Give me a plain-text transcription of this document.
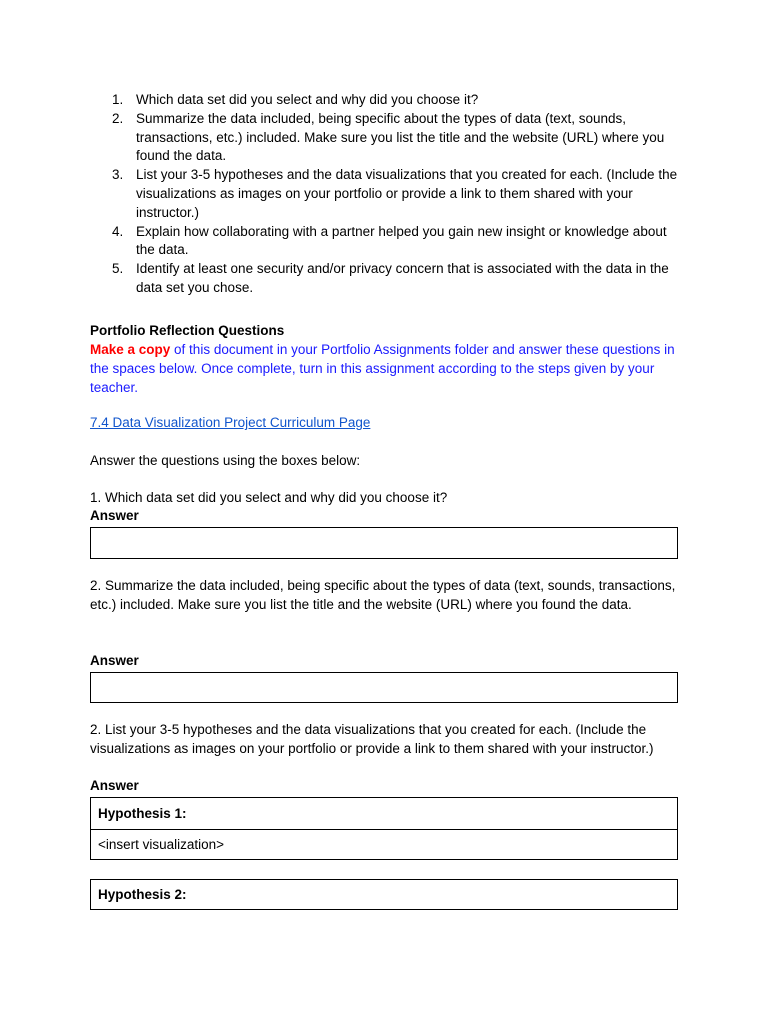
1. Which data set did you select and why did you choose it?
2. Summarize the data included, being specific about the types of data (text, sounds, transactions, etc.) included. Make sure you list the title and the website (URL) where you found the data.
3. List your 3-5 hypotheses and the data visualizations that you created for each. (Include the visualizations as images on your portfolio or provide a link to them shared with your instructor.)
4. Explain how collaborating with a partner helped you gain new insight or knowledge about the data.
5. Identify at least one security and/or privacy concern that is associated with the data in the data set you chose.
Portfolio Reflection Questions
Make a copy of this document in your Portfolio Assignments folder and answer these questions in the spaces below. Once complete, turn in this assignment according to the steps given by your teacher.
7.4 Data Visualization Project Curriculum Page
Answer the questions using the boxes below:
1. Which data set did you select and why did you choose it?
Answer
2. Summarize the data included, being specific about the types of data (text, sounds, transactions, etc.) included. Make sure you list the title and the website (URL) where you found the data.
Answer
2. List your 3-5 hypotheses and the data visualizations that you created for each. (Include the visualizations as images on your portfolio or provide a link to them shared with your instructor.)
Answer
Hypothesis 1:
<insert visualization>
Hypothesis 2:
